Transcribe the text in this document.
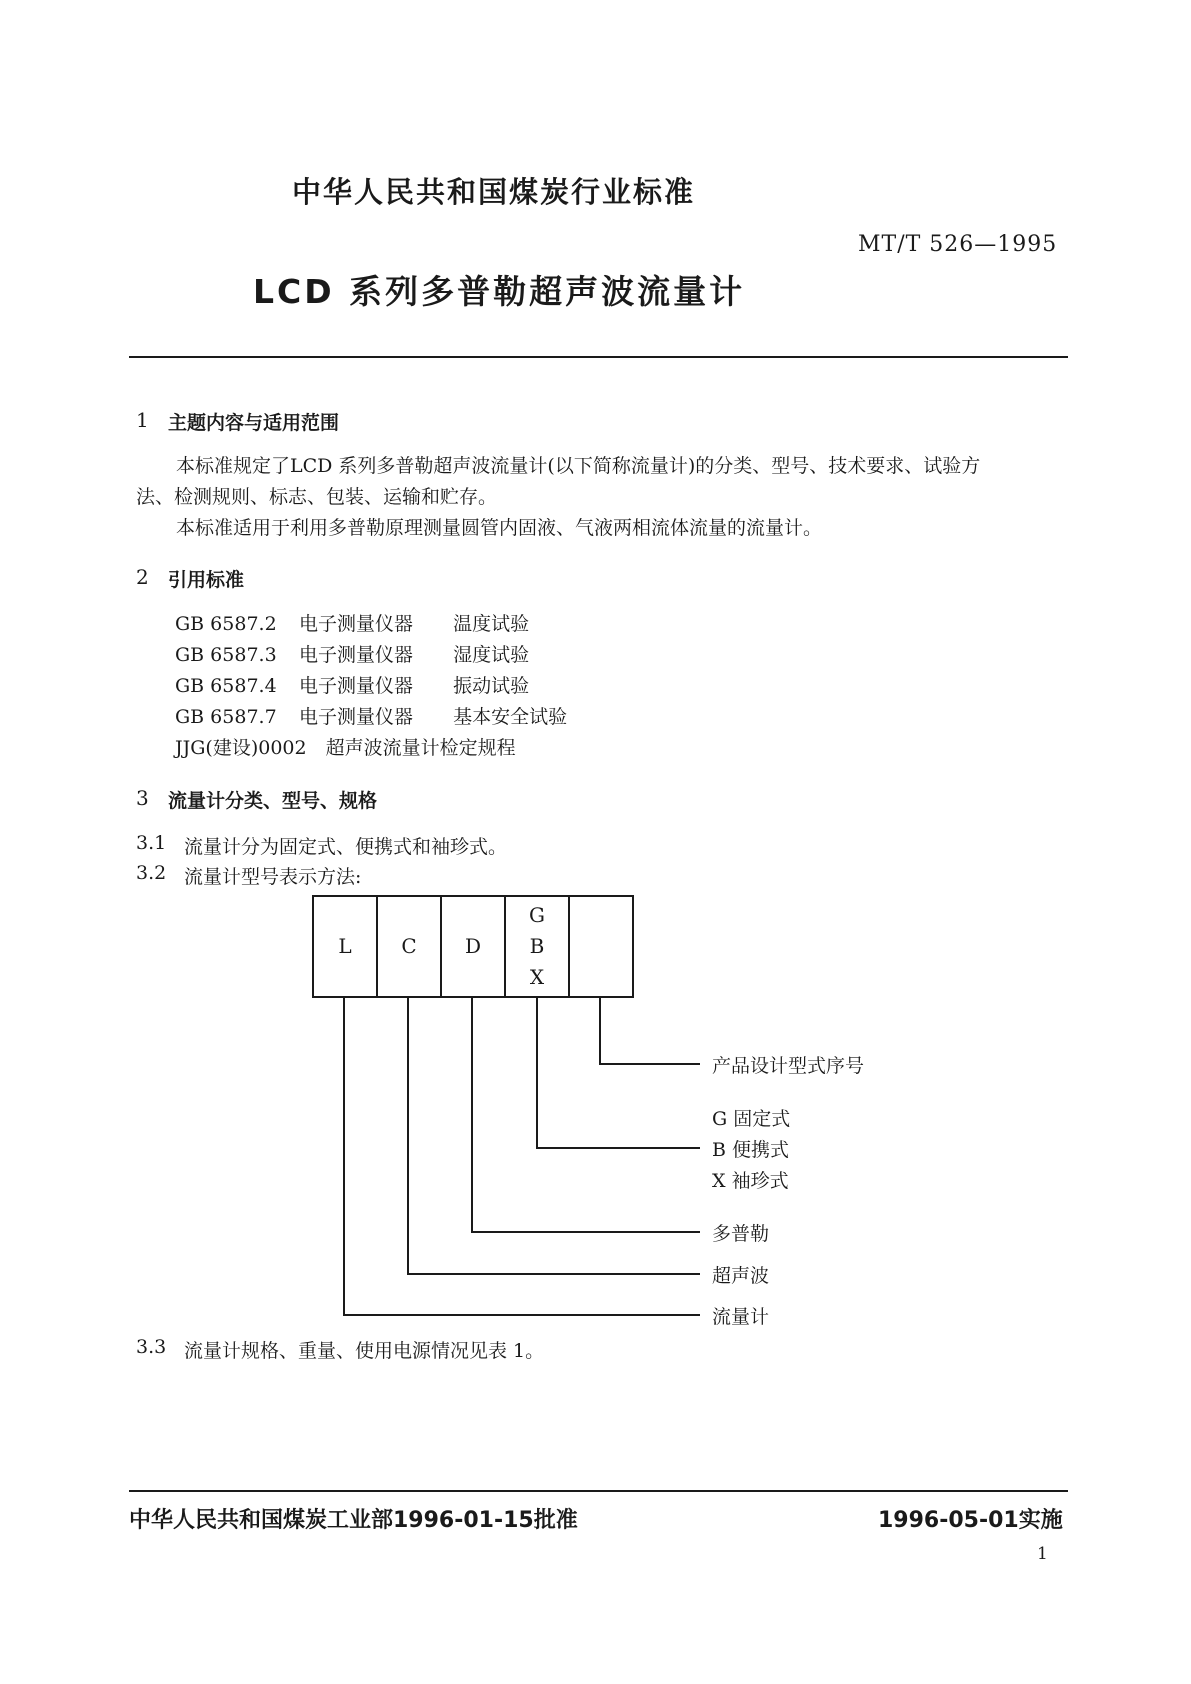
中华人民共和国煤炭行业标准
MT/T 526—1995
LCD 系列多普勒超声波流量计
1 主题内容与适用范围
本标准规定了LCD 系列多普勒超声波流量计(以下简称流量计)的分类、型号、技术要求、试验方
法、检测规则、标志、包装、运输和贮存。
本标准适用于利用多普勒原理测量圆管内固液、气液两相流体流量的流量计。
2 引用标准
GB 6587.2 电子测量仪器 温度试验
GB 6587.3 电子测量仪器 湿度试验
GB 6587.4 电子测量仪器 振动试验
GB 6587.7 电子测量仪器 基本安全试验
JJG(建设)0002　超声波流量计检定规程
3 流量计分类、型号、规格
3.1 流量计分为固定式、便携式和袖珍式。
3.2 流量计型号表示方法:
L C D
G
B
X
产品设计型式序号
G 固定式
B 便携式
X 袖珍式
多普勒
超声波
流量计
3.3 流量计规格、重量、使用电源情况见表 1。
中华人民共和国煤炭工业部1996-01-15批准	1996-05-01实施
1
